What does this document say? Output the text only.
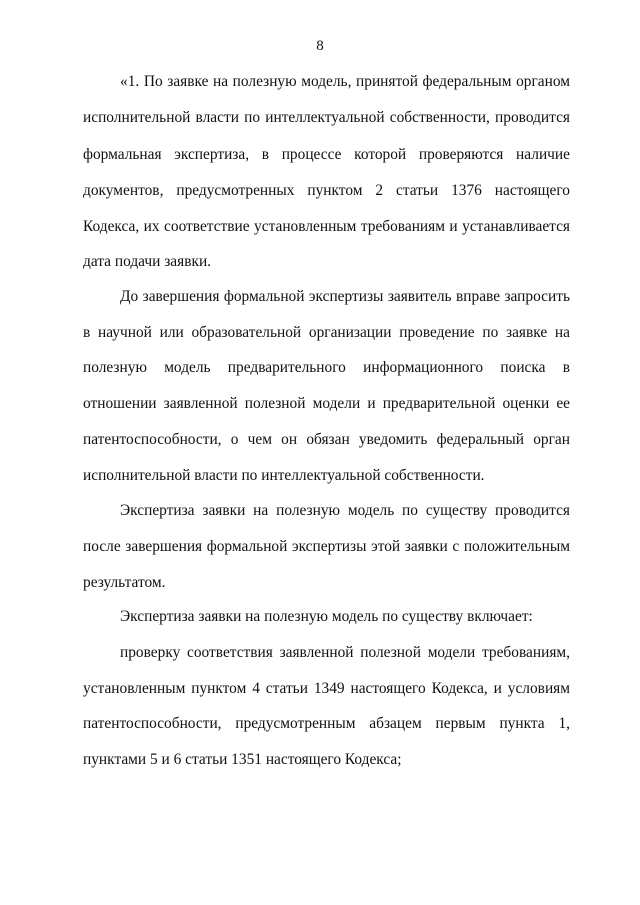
8
«1. По заявке на полезную модель, принятой федеральным органом
исполнительной власти по интеллектуальной собственности, проводится
формальная экспертиза, в процессе которой проверяются наличие
документов, предусмотренных пунктом 2 статьи 1376 настоящего
Кодекса, их соответствие установленным требованиям и устанавливается
дата подачи заявки.
До завершения формальной экспертизы заявитель вправе запросить
в научной или образовательной организации проведение по заявке на
полезную модель предварительного информационного поиска в
отношении заявленной полезной модели и предварительной оценки ее
патентоспособности, о чем он обязан уведомить федеральный орган
исполнительной власти по интеллектуальной собственности.
Экспертиза заявки на полезную модель по существу проводится
после завершения формальной экспертизы этой заявки с положительным
результатом.
Экспертиза заявки на полезную модель по существу включает:
проверку соответствия заявленной полезной модели требованиям,
установленным пунктом 4 статьи 1349 настоящего Кодекса, и условиям
патентоспособности, предусмотренным абзацем первым пункта 1,
пунктами 5 и 6 статьи 1351 настоящего Кодекса;
